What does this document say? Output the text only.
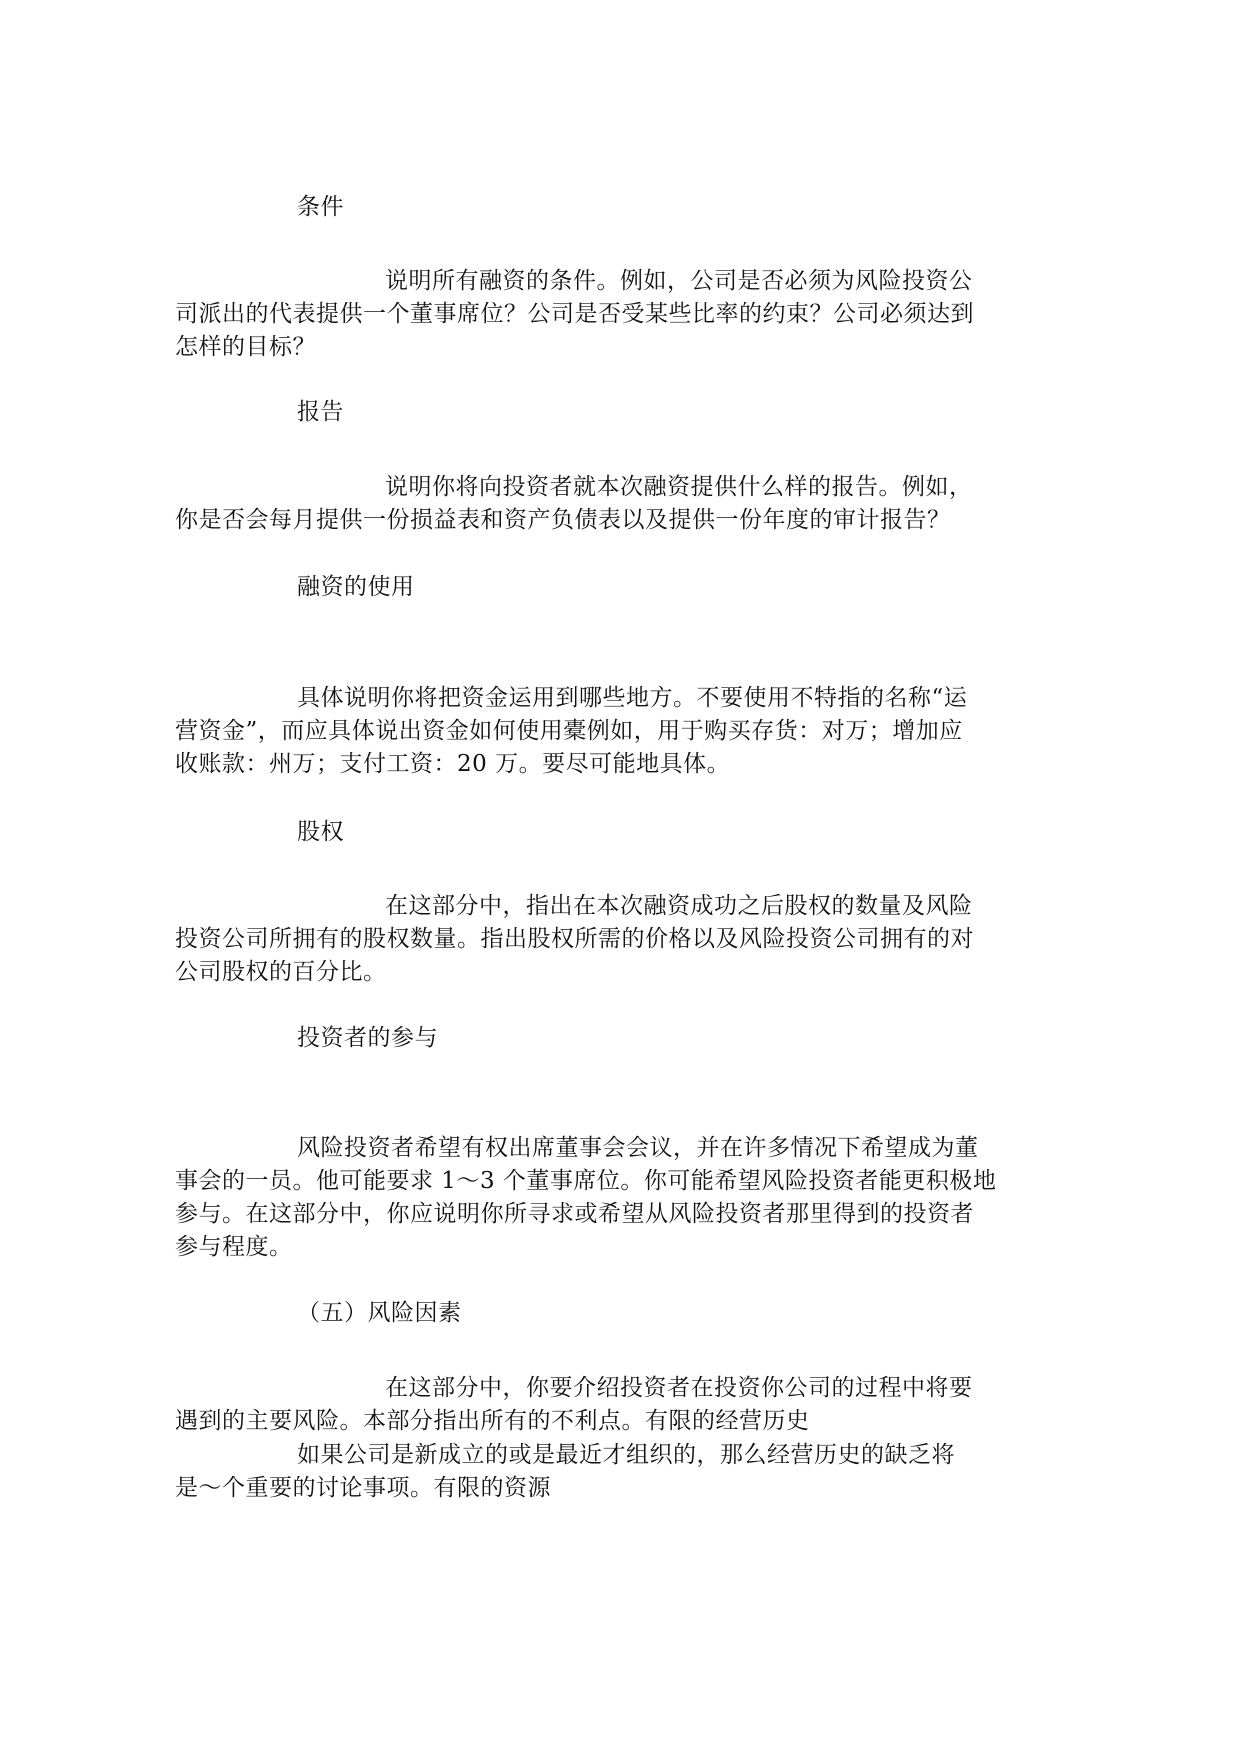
条件
说明所有融资的条件。例如，公司是否必须为风险投资公
司派出的代表提供一个董事席位？公司是否受某些比率的约束？公司必须达到
怎样的目标？
报告
说明你将向投资者就本次融资提供什么样的报告。例如，
你是否会每月提供一份损益表和资产负债表以及提供一份年度的审计报告？
融资的使用
具体说明你将把资金运用到哪些地方。不要使用不特指的名称“运
营资金”，而应具体说出资金如何使用橐例如，用于购买存货：对万；增加应
收账款：州万；支付工资：20 万。要尽可能地具体。
股权
在这部分中，指出在本次融资成功之后股权的数量及风险
投资公司所拥有的股权数量。指出股权所需的价格以及风险投资公司拥有的对
公司股权的百分比。
投资者的参与
风险投资者希望有权出席董事会会议，并在许多情况下希望成为董
事会的一员。他可能要求 1～3 个董事席位。你可能希望风险投资者能更积极地
参与。在这部分中，你应说明你所寻求或希望从风险投资者那里得到的投资者
参与程度。
（五）风险因素
在这部分中，你要介绍投资者在投资你公司的过程中将要
遇到的主要风险。本部分指出所有的不利点。有限的经营历史
如果公司是新成立的或是最近才组织的，那么经营历史的缺乏将
是～个重要的讨论事项。有限的资源
